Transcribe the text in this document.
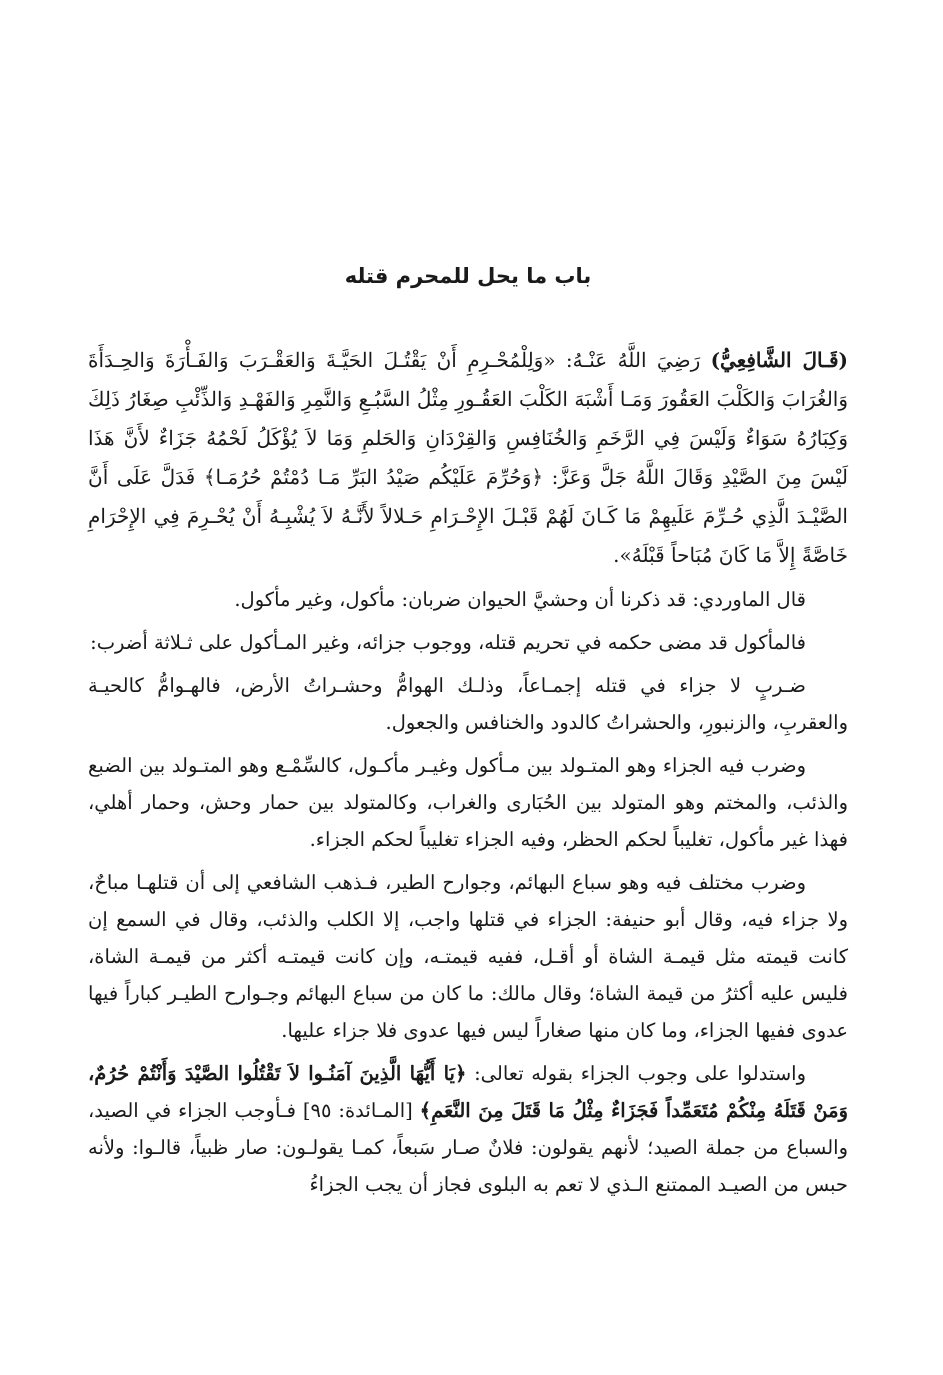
باب ما يحل للمحرم قتله

(قَـالَ الشَّافِعِيُّ) رَضِيَ اللَّهُ عَنْـهُ: «وَلِلْمُحْـرِمِ أَنْ يَقْتُـلَ الحَيَّـةَ وَالعَقْـرَبَ وَالفَـأْرَةَ وَالحِـدَأَةَ وَالغُرَابَ وَالكَلْبَ العَقُورَ وَمَـا أَشْبَهَ الكَلْبَ العَقُـورِ مِثْلُ السَّبُـعِ وَالنَّمِرِ وَالفَهْـدِ وَالذِّئْبِ صِغَارُ ذَلِكَ وَكِبَارُهُ سَوَاءٌ وَلَيْسَ فِي الرَّخَمِ وَالخُنَافِسِ وَالقِرْدَانِ وَالحَلمِ وَمَا لاَ يُؤْكَلُ لَحْمُهُ جَزَاءٌ لأَنَّ هَذَا لَيْسَ مِنَ الصَّيْدِ وَقَالَ اللَّهُ جَلَّ وَعَزَّ: ﴿وَحُرِّمَ عَلَيْكُم صَيْدُ البَرِّ مَـا دُمْتُمْ حُرُمَـا﴾ فَدَلَّ عَلَى أَنَّ الصَّيْـدَ الَّذِي حُـرِّمَ عَلَيهِمْ مَا كَـانَ لَهُمْ قَبْـلَ الإِحْـرَامِ حَـلالاً لأَنَّـهُ لاَ يُشْبِـهُ أَنْ يُحْـرِمَ فِي الإِحْرَامِ خَاصَّةً إِلاَّ مَا كَانَ مُبَاحاً قَبْلَهُ».

قال الماوردي: قد ذكرنا أن وحشيَّ الحيوان ضربان: مأكول، وغير مأكول.

فالمأكول قد مضى حكمه في تحريم قتله، ووجوب جزائه، وغير المـأكول على ثـلاثة أضرب:

ضـربٍ لا جزاء في قتله إجمـاعاً، وذلـك الهوامُّ وحشـراتُ الأرض، فالهـوامُّ كالحيـة والعقربِ، والزنبورِ، والحشراتُ كالدود والخنافس والجعول.

وضرب فيه الجزاء وهو المتـولد بين مـأكول وغيـر مأكـول، كالسِّمْـع وهو المتـولد بين الضبع والذئب، والمختم وهو المتولد بين الحُبَارى والغراب، وكالمتولد بين حمار وحش، وحمار أهلي، فهذا غير مأكول، تغليباً لحكم الحظر، وفيه الجزاء تغليباً لحكم الجزاء.

وضرب مختلف فيه وهو سباع البهائم، وجوارح الطير، فـذهب الشافعي إلى أن قتلهـا مباحٌ، ولا جزاء فيه، وقال أبو حنيفة: الجزاء في قتلها واجب، إلا الكلب والذئب، وقال في السمع إن كانت قيمته مثل قيمـة الشاة أو أقـل، ففيه قيمتـه، وإن كانت قيمتـه أكثر من قيمـة الشاة، فليس عليه أكثرُ من قيمة الشاة؛ وقال مالك: ما كان من سباع البهائم وجـوارح الطيـر كباراً فيها عدوى ففيها الجزاء، وما كان منها صغاراً ليس فيها عدوى فلا جزاء عليها.

واستدلوا على وجوب الجزاء بقوله تعالى: ﴿يَا أَيُّهَا الَّذِينَ آمَنُـوا لاَ تَقْتُلُوا الصَّيْدَ وَأَنْتُمْ حُرُمٌ، وَمَنْ قَتَلَهُ مِنْكُمْ مُتَعَمِّداً فَجَزَاءٌ مِثْلُ مَا قَتَلَ مِنَ النَّعَمِ﴾ [المـائدة: ٩٥] فـأوجب الجزاء في الصيد، والسباع من جملة الصيد؛ لأنهم يقولون: فلانٌ صـار سَبعاً، كمـا يقولـون: صار ظبياً، قالـوا: ولأنه حبس من الصيـد الممتنع الـذي لا تعم به البلوى فجاز أن يجب الجزاءُ
